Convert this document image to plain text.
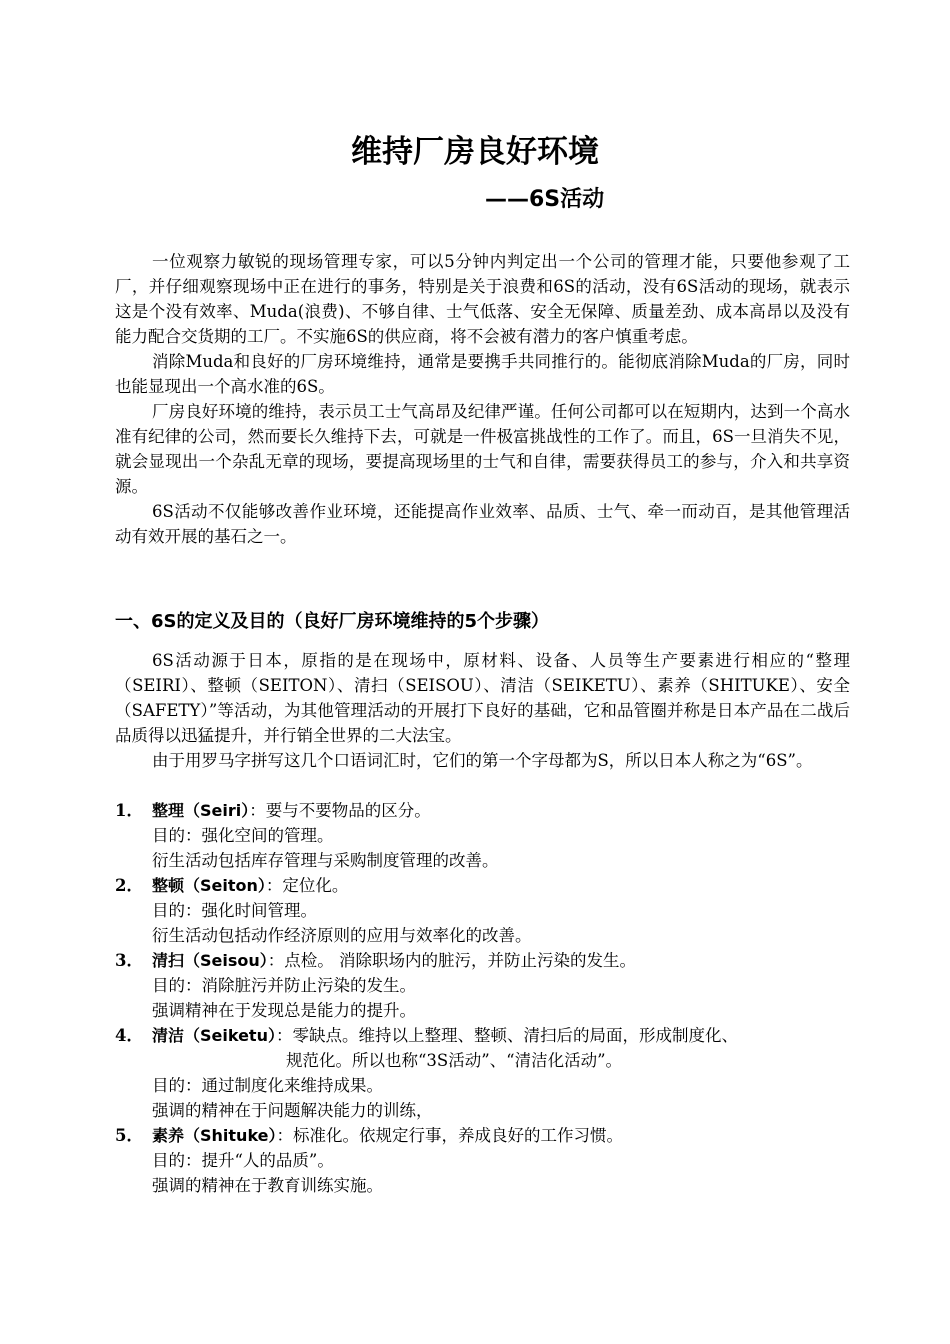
维持厂房良好环境
——6S活动

一位观察力敏锐的现场管理专家，可以5分钟内判定出一个公司的管理才能，只要他参观了工厂，并仔细观察现场中正在进行的事务，特别是关于浪费和6S的活动，没有6S活动的现场，就表示这是个没有效率、Muda(浪费)、不够自律、士气低落、安全无保障、质量差劲、成本高昂以及没有能力配合交货期的工厂。不实施6S的供应商，将不会被有潜力的客户慎重考虑。

消除Muda和良好的厂房环境维持，通常是要携手共同推行的。能彻底消除Muda的厂房，同时也能显现出一个高水准的6S。

厂房良好环境的维持，表示员工士气高昂及纪律严谨。任何公司都可以在短期内，达到一个高水准有纪律的公司，然而要长久维持下去，可就是一件极富挑战性的工作了。而且，6S一旦消失不见，就会显现出一个杂乱无章的现场，要提高现场里的士气和自律，需要获得员工的参与，介入和共享资源。

6S活动不仅能够改善作业环境，还能提高作业效率、品质、士气、牵一而动百，是其他管理活动有效开展的基石之一。

一、6S的定义及目的（良好厂房环境维持的5个步骤）

6S活动源于日本，原指的是在现场中，原材料、设备、人员等生产要素进行相应的“整理（SEIRI）、整顿（SEITON）、清扫（SEISOU）、清洁（SEIKETU）、素养（SHITUKE）、安全（SAFETY）”等活动，为其他管理活动的开展打下良好的基础，它和品管圈并称是日本产品在二战后品质得以迅猛提升，并行销全世界的二大法宝。

由于用罗马字拼写这几个口语词汇时，它们的第一个字母都为S，所以日本人称之为“6S”。

1． 整理（Seiri）：要与不要物品的区分。
目的：强化空间的管理。
衍生活动包括库存管理与采购制度管理的改善。
2． 整顿（Seiton）：定位化。
目的：强化时间管理。
衍生活动包括动作经济原则的应用与效率化的改善。
3． 清扫（Seisou）：点检。 消除职场内的脏污，并防止污染的发生。
目的：消除脏污并防止污染的发生。
强调精神在于发现总是能力的提升。
4． 清洁（Seiketu）：零缺点。维持以上整理、整顿、清扫后的局面，形成制度化、
规范化。所以也称“3S活动”、“清洁化活动”。
目的：通过制度化来维持成果。
强调的精神在于问题解决能力的训练，
5． 素养（Shituke）：标准化。依规定行事，养成良好的工作习惯。
目的：提升“人的品质”。
强调的精神在于教育训练实施。
